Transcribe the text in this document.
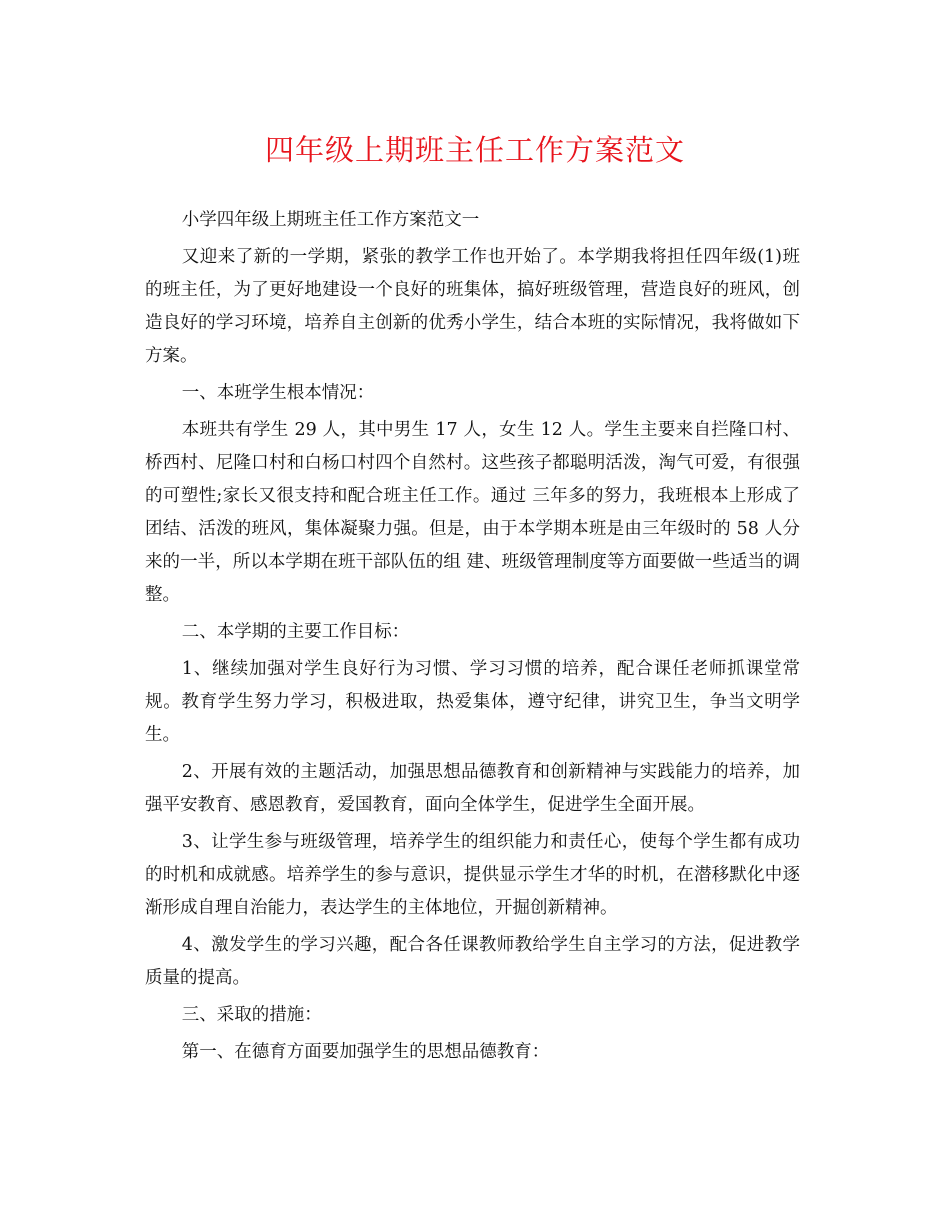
四年级上期班主任工作方案范文

小学四年级上期班主任工作方案范文一

又迎来了新的一学期，紧张的教学工作也开始了。本学期我将担任四年级(1)班的班主任，为了更好地建设一个良好的班集体，搞好班级管理，营造良好的班风，创造良好的学习环境，培养自主创新的优秀小学生，结合本班的实际情况，我将做如下方案。

一、本班学生根本情况：

本班共有学生 29 人，其中男生 17 人，女生 12 人。学生主要来自拦隆口村、桥西村、尼隆口村和白杨口村四个自然村。这些孩子都聪明活泼，淘气可爱，有很强的可塑性;家长又很支持和配合班主任工作。通过 三年多的努力，我班根本上形成了团结、活泼的班风，集体凝聚力强。但是，由于本学期本班是由三年级时的 58 人分来的一半，所以本学期在班干部队伍的组 建、班级管理制度等方面要做一些适当的调整。

二、本学期的主要工作目标：

1、继续加强对学生良好行为习惯、学习习惯的培养，配合课任老师抓课堂常规。教育学生努力学习，积极进取，热爱集体，遵守纪律，讲究卫生，争当文明学生。

2、开展有效的主题活动，加强思想品德教育和创新精神与实践能力的培养，加强平安教育、感恩教育，爱国教育，面向全体学生，促进学生全面开展。

3、让学生参与班级管理，培养学生的组织能力和责任心，使每个学生都有成功的时机和成就感。培养学生的参与意识，提供显示学生才华的时机，在潜移默化中逐渐形成自理自治能力，表达学生的主体地位，开掘创新精神。

4、激发学生的学习兴趣，配合各任课教师教给学生自主学习的方法，促进教学质量的提高。

三、采取的措施：

第一、在德育方面要加强学生的思想品德教育：
